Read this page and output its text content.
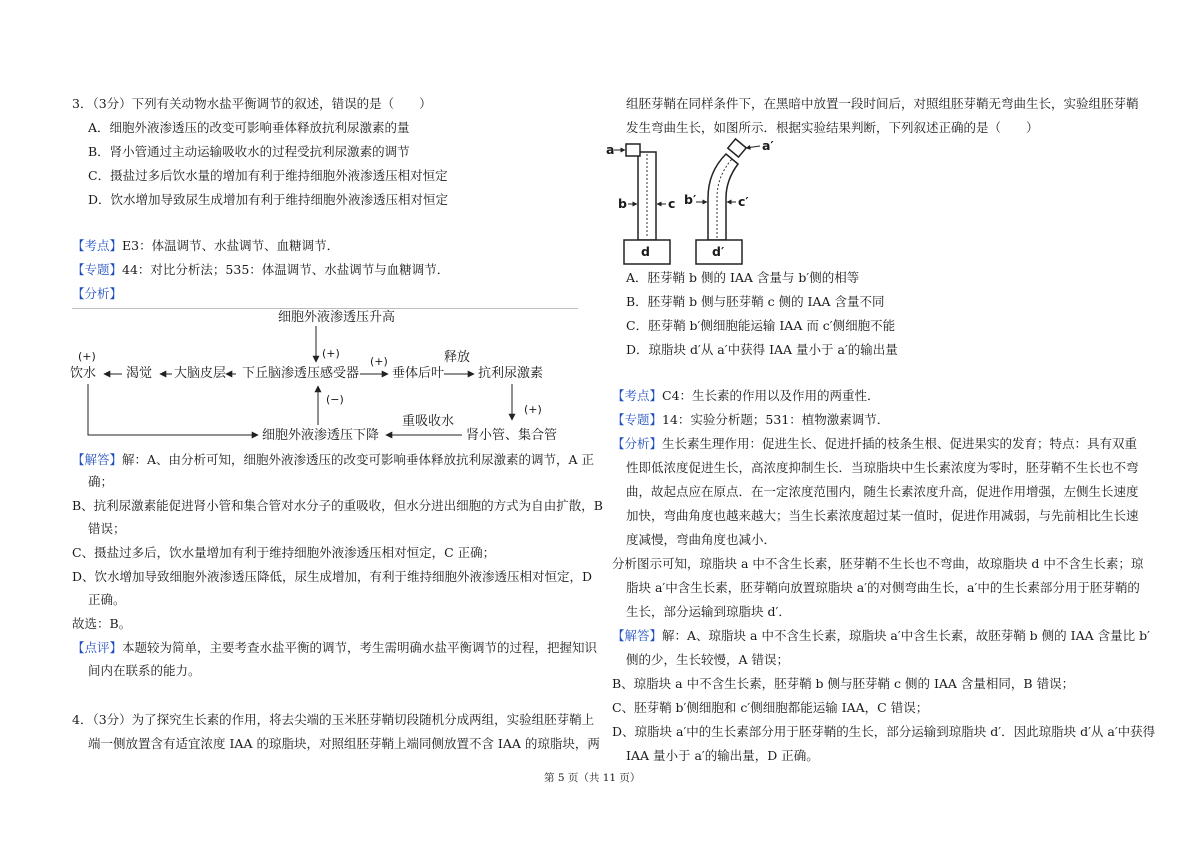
3．（3分）下列有关动物水盐平衡调节的叙述，错误的是（　　）
A．细胞外液渗透压的改变可影响垂体释放抗利尿激素的量
B．肾小管通过主动运输吸收水的过程受抗利尿激素的调节
C．摄盐过多后饮水量的增加有利于维持细胞外液渗透压相对恒定
D．饮水增加导致尿生成增加有利于维持细胞外液渗透压相对恒定
【考点】E3：体温调节、水盐调节、血糖调节．
【专题】44：对比分析法；535：体温调节、水盐调节与血糖调节．
【分析】
细胞外液渗透压升高
(+)
(+)
饮水 渴觉 大脑皮层 下丘脑渗透压感受器
(+)
垂体后叶
释放
抗利尿激素
(+)
(−)
重吸收水
细胞外液渗透压下降	肾小管、集合管
【解答】解：A、由分析可知，细胞外液渗透压的改变可影响垂体释放抗利尿激素的调节，A 正
确；
B、抗利尿激素能促进肾小管和集合管对水分子的重吸收，但水分进出细胞的方式为自由扩散，B
错误；
C、摄盐过多后，饮水量增加有利于维持细胞外液渗透压相对恒定，C 正确；
D、饮水增加导致细胞外液渗透压降低，尿生成增加，有利于维持细胞外液渗透压相对恒定，D
正确。
故选：B。
【点评】本题较为简单，主要考查水盐平衡的调节，考生需明确水盐平衡调节的过程，把握知识
间内在联系的能力。
4．（3分）为了探究生长素的作用，将去尖端的玉米胚芽鞘切段随机分成两组，实验组胚芽鞘上
端一侧放置含有适宜浓度 IAA 的琼脂块，对照组胚芽鞘上端同侧放置不含 IAA 的琼脂块，两
组胚芽鞘在同样条件下，在黑暗中放置一段时间后，对照组胚芽鞘无弯曲生长，实验组胚芽鞘
发生弯曲生长，如图所示．根据实验结果判断，下列叙述正确的是（　　）
a
b	c
d
a′
b′	c′
d′
A．胚芽鞘 b 侧的 IAA 含量与 b′侧的相等
B．胚芽鞘 b 侧与胚芽鞘 c 侧的 IAA 含量不同
C．胚芽鞘 b′侧细胞能运输 IAA 而 c′侧细胞不能
D．琼脂块 d′从 a′中获得 IAA 量小于 a′的输出量
【考点】C4：生长素的作用以及作用的两重性．
【专题】14：实验分析题；531：植物激素调节．
【分析】生长素生理作用：促进生长、促进扦插的枝条生根、促进果实的发育；特点：具有双重
性即低浓度促进生长，高浓度抑制生长．当琼脂块中生长素浓度为零时，胚芽鞘不生长也不弯
曲，故起点应在原点．在一定浓度范围内，随生长素浓度升高，促进作用增强，左侧生长速度
加快，弯曲角度也越来越大；当生长素浓度超过某一值时，促进作用减弱，与先前相比生长速
度减慢，弯曲角度也减小．
分析图示可知，琼脂块 a 中不含生长素，胚芽鞘不生长也不弯曲，故琼脂块 d 中不含生长素；琼
脂块 a′中含生长素，胚芽鞘向放置琼脂块 a′的对侧弯曲生长，a′中的生长素部分用于胚芽鞘的
生长，部分运输到琼脂块 d′．
【解答】解：A、琼脂块 a 中不含生长素，琼脂块 a′中含生长素，故胚芽鞘 b 侧的 IAA 含量比 b′
侧的少，生长较慢，A 错误；
B、琼脂块 a 中不含生长素，胚芽鞘 b 侧与胚芽鞘 c 侧的 IAA 含量相同，B 错误；
C、胚芽鞘 b′侧细胞和 c′侧细胞都能运输 IAA，C 错误；
D、琼脂块 a′中的生长素部分用于胚芽鞘的生长，部分运输到琼脂块 d′．因此琼脂块 d′从 a′中获得
IAA 量小于 a′的输出量，D 正确。
第 5 页（共 11 页）
